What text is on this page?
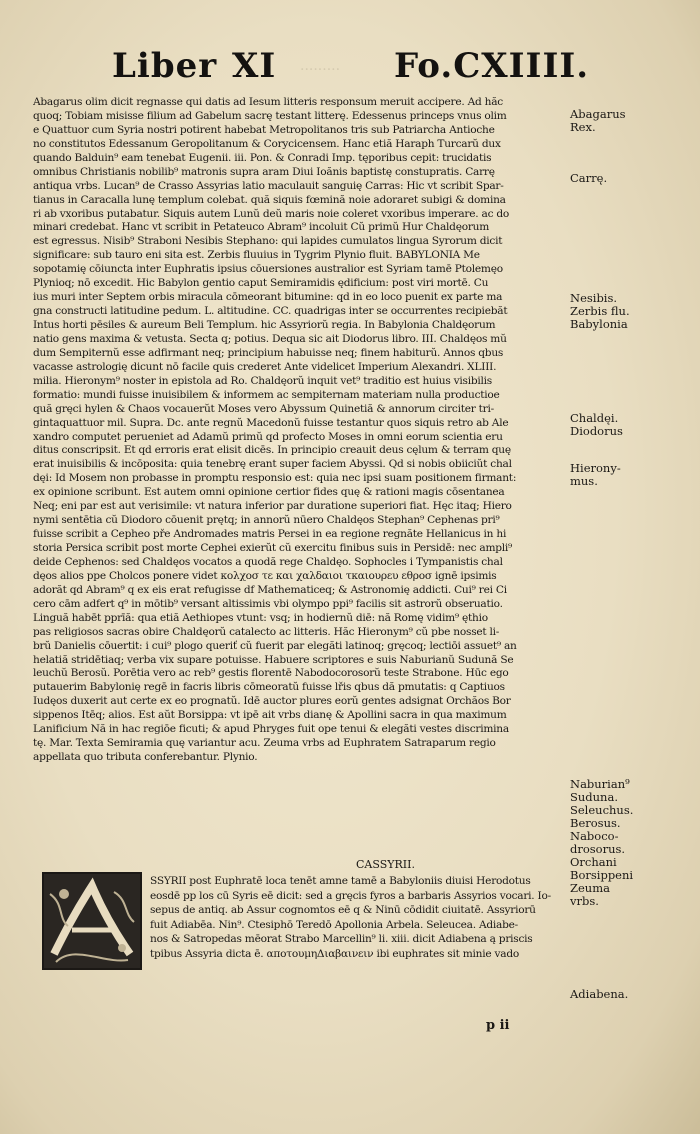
.........
Liber XI	Fo.CXIIII.
Abagarus olim dicit regnasse qui datis ad Iesum litteris responsum meruit accipere. Ad hăc
quoq; Tobiam misisse filium ad Gabelum sacrę testant litterę. Edessenus princeps vnus olim
e Quattuor cum Syria nostri potirent habebat Metropolitanos tris sub Patriarcha Antioche
no constitutos Edessanum Geropolitanum & Corycicensem. Hanc etiă Haraph Turcarŭ dux
quando Balduin⁹ eam tenebat Eugenii. iii. Pon. & Conradi Imp. tęporibus cepit: trucidatis
omnibus Christianis nobilib⁹ matronis supra aram Diui Ioănis baptistę constupratis. Carrę
antiqua vrbs. Lucan⁹ de Crasso Assyrias latio maculauit sanguię Carras: Hic vt scribit Spar-
tianus in Caracalla lunę templum colebat. quă siquis fœmină noie adoraret subigi & domina
ri ab vxoribus putabatur. Siquis autem Lunŭ deŭ maris noie coleret vxoribus imperare. ac do
minari credebat. Hanc vt scribit in Petateuco Abram⁹ incoluit Cŭ primŭ Hur Chaldęorum
est egressus. Nisib⁹ Straboni Nesibis Stephano: qui lapides cumulatos lingua Syrorum dicit
significare: sub tauro eni sita est. Zerbis fluuius in Tygrim Plynio fluit. BABYLONIA Me
sopotamię cōiuncta inter Euphratis ipsius cōuersiones australior est Syriam tamē Ptolemęo
Plynioq; nō excedit. Hic Babylon gentio caput Semiramidis ędificium: post viri mortē. Cu
ius muri inter Septem orbis miracula cōmeorant bitumine: qd in eo loco puenit ex parte ma
gna constructi latitudine pedum. L. altitudine. CC. quadrigas inter se occurrentes recipiebăt
Intus horti pēsiles & aureum Beli Templum. hic Assyriorŭ regia. In Babylonia Chaldęorum
natio gens maxima & vetusta. Secta q; potius. Dequa sic ait Diodorus libro. III. Chaldęos mŭ
dum Sempiternŭ esse adfirmant neq; principium habuisse neq; finem habiturŭ. Annos qbus
vacasse astrologię dicunt nō facile quis crederet Ante videlicet Imperium Alexandri. XLIII.
milia. Hieronym⁹ noster in epistola ad Ro. Chaldęorŭ inquit vet⁹ traditio est huius visibilis
formatio: mundi fuisse inuisibilem & informem ac sempiternam materiam nulla productioe
quă gręci hylen & Chaos vocauerŭt Moses vero Abyssum Quinetiă & annorum circiter tri-
gintaquattuor mil. Supra. Dc. ante regnŭ Macedonŭ fuisse testantur quos siquis retro ab Ale
xandro computet perueniet ad Adamŭ primŭ qd profecto Moses in omni eorum scientia eru
ditus conscripsit. Et qd erroris erat elisit dicēs. In principio creauit deus cęlum & terram quę
erat inuisibilis & incōposita: quia tenebrę erant super faciem Abyssi. Qd si nobis obiiciŭt chal
dęi: Id Mosem non probasse in promptu responsio est: quia nec ipsi suam positionem firmant:
ex opinione scribunt. Est autem omni opinione certior fides quę & rationi magis cōsentanea
Neq; eni par est aut verisimile: vt natura inferior par duratione superiori fiat. Hęc itaq; Hiero
nymi sentētia cŭ Diodoro cōuenit prętq; in annorŭ nūero Chaldęos Stephan⁹ Cephenas pri⁹
fuisse scribit a Cepheo pře Andromades matris Persei in ea regione regnăte Hellanicus in hi
storia Persica scribit post morte Cephei exierŭt cŭ exercitu finibus suis in Persidē: nec ampli⁹
deide Cephenos: sed Chaldęos vocatos a quodă rege Chaldęo. Sophocles i Tympanistis chal
dęos alios ppe Cholcos ponere videt κολχοσ τε και χαλδαιοι τκαιουρευ εθροσ ignē ipsimis
adorăt qd Abram⁹ q ex eis erat refugisse df Mathematiceq; & Astronomię addicti. Cui⁹ rei Ci
cero cām adfert q⁹ in mōtib⁹ versant altissimis vbi olympo ppi⁹ facilis sit astrorŭ obseruatio.
Linguă habēt pprīă: qua etiă Aethiopes vtunt: vsq; in hodiernŭ diē: nă Romę vidim⁹ ęthio
pas religiosos sacras obire Chaldęorŭ catalecto ac litteris. Hăc Hieronym⁹ cŭ pbe nosset li-
brŭ Danielis cōuertit: i cui⁹ plogo queriť cŭ fuerit par elegăti latinoq; gręcoq; lectiōi assuet⁹ an
helatiă stridētiaq; verba vix supare potuisse. Habuere scriptores e suis Naburianŭ Sudună Se
leuchŭ Berosŭ. Porētia vero ac reb⁹ gestis florentē Nabodocorosorŭ teste Strabone. Hūc ego
putauerim Babylonię regē in facris libris cōmeoratŭ fuisse lřis qbus dă pmutatis: q Captiuos
Iudęos duxerit aut certe ex eo prognatŭ. Idē auctor plures eorŭ gentes adsignat Orchăos Bor
sippenos Itēq; alios. Est aŭt Borsippa: vt ipē ait vrbs dianę & Apollini sacra in qua maximum
Lanificium Nă in hac regiōe ficuti; & apud Phryges fuit ope tenui & elegăti vestes discrimina
tę. Mar. Texta Semiramia quę variantur acu. Zeuma vrbs ad Euphratem Satraparum regio
appellata quo tributa conferebantur. Plynio.
CASSYRII.
SSYRII post Euphratē loca tenēt amne tamē a Babyloniis diuisi Herodotus
eosdē pp los cū Syris eē dicit: sed a gręcis fyros a barbaris Assyrios vocari. Io-
sepus de antiq. ab Assur cognomtos eē q & Ninū cōdidit ciuitatē. Assyriorū
fuit Adiabēa. Nin⁹. Ctesiphō Teredō Apollonia Arbela. Seleucea. Adiabe-
nos & Satropedas mēorat Strabo Marcellin⁹ li. xiii. dicit Adiabena ą priscis
tpibus Assyria dicta ē. αποτουμηΔιαβαινειν ibi euphrates sit minie vado
Abagarus
Rex.
Carrę.
Nesibis.
Zerbis flu.
Babylonia
Chaldęi.
Diodorus
Hierony-
mus.
Naburian⁹
Suduna.
Seleuchus.
Berosus.
Naboco-
drosorus.
Orchani
Borsippeni
Zeuma
vrbs.
Adiabena.
p ii
